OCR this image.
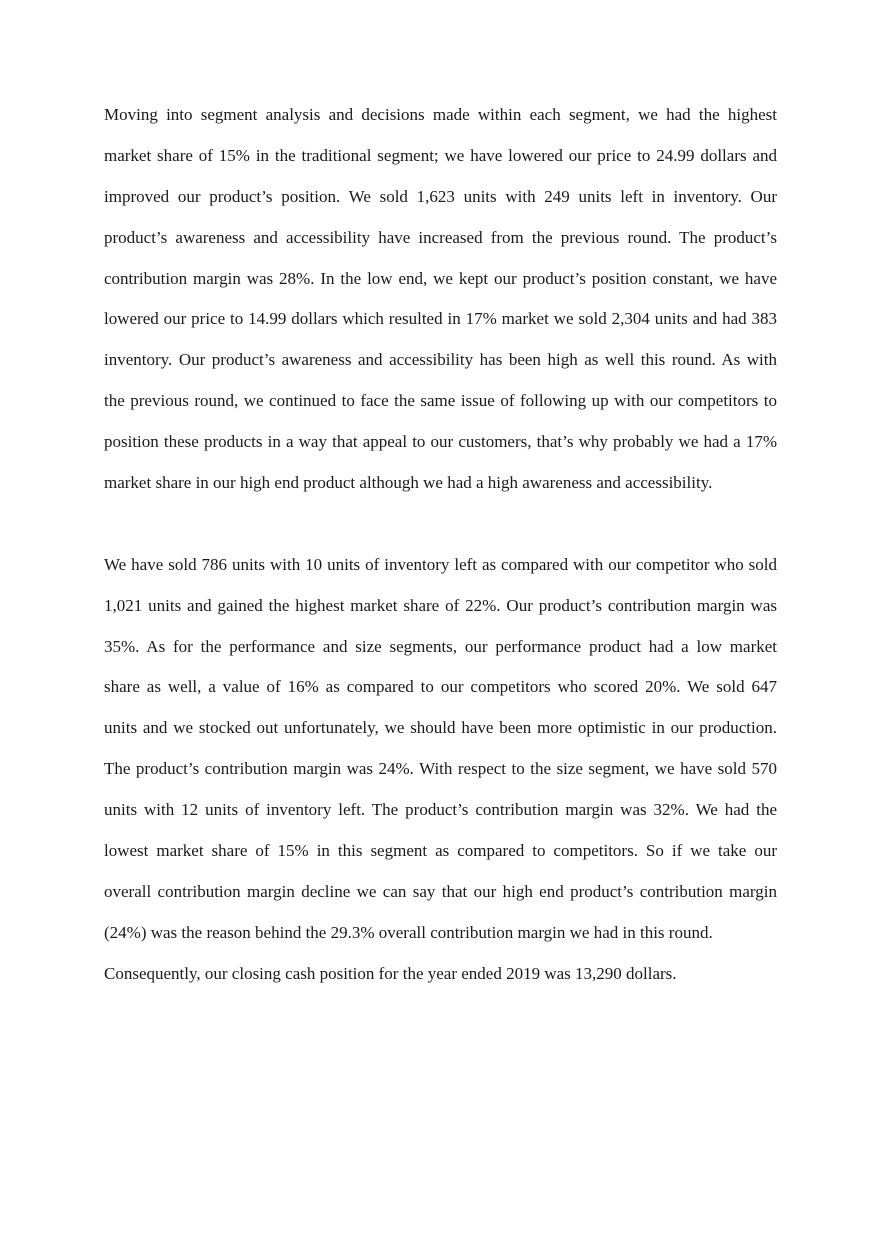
Moving into segment analysis and decisions made within each segment, we had the highest
market share of 15% in the traditional segment; we have lowered our price to 24.99 dollars and
improved our product’s position. We sold 1,623 units with 249 units left in inventory. Our
product’s awareness and accessibility have increased from the previous round. The product’s
contribution margin was 28%. In the low end, we kept our product’s position constant, we have
lowered our price to 14.99 dollars which resulted in 17% market we sold 2,304 units and had 383
inventory. Our product’s awareness and accessibility has been high as well this round. As with
the previous round, we continued to face the same issue of following up with our competitors to
position these products in a way that appeal to our customers, that’s why probably we had a 17%
market share in our high end product although we had a high awareness and accessibility.
We have sold 786 units with 10 units of inventory left as compared with our competitor who sold
1,021 units and gained the highest market share of 22%. Our product’s contribution margin was
35%. As for the performance and size segments, our performance product had a low market
share as well, a value of 16% as compared to our competitors who scored 20%. We sold 647
units and we stocked out unfortunately, we should have been more optimistic in our production.
The product’s contribution margin was 24%. With respect to the size segment, we have sold 570
units with 12 units of inventory left. The product’s contribution margin was 32%. We had the
lowest market share of 15% in this segment as compared to competitors. So if we take our
overall contribution margin decline we can say that our high end product’s contribution margin
(24%) was the reason behind the 29.3% overall contribution margin we had in this round.
Consequently, our closing cash position for the year ended 2019 was 13,290 dollars.
